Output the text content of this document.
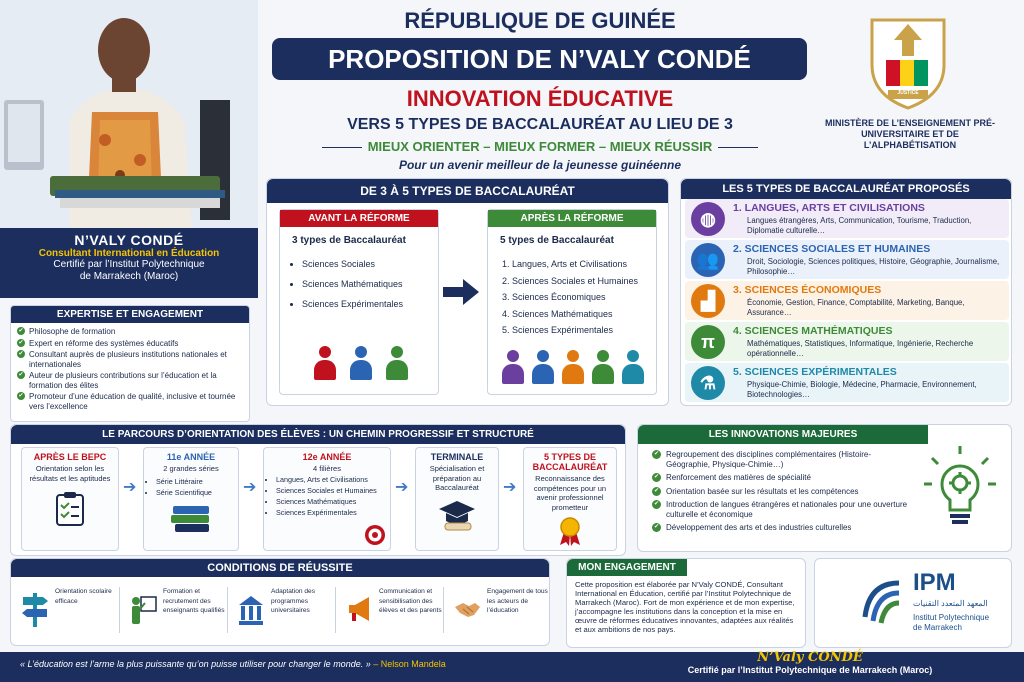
N’VALY CONDÉ
Consultant International en Éducation
Certifié par l’Institut Polytechnique
de Marrakech (Maroc)
RÉPUBLIQUE DE GUINÉE
PROPOSITION DE N’VALY CONDÉ
INNOVATION ÉDUCATIVE
VERS 5 TYPES DE BACCALAURÉAT AU LIEU DE 3
MIEUX ORIENTER – MIEUX FORMER – MIEUX RÉUSSIR
Pour un avenir meilleur de la jeunesse guinéenne
JUSTICE
MINISTÈRE DE L’ENSEIGNEMENT PRÉ-UNIVERSITAIRE ET DE L’ALPHABÉTISATION
EXPERTISE ET ENGAGEMENT
✔ Philosophe de formation
✔ Expert en réforme des systèmes éducatifs
✔ Consultant auprès de plusieurs institutions nationales et internationales
✔ Auteur de plusieurs contributions sur l’éducation et la formation des élites
✔ Promoteur d’une éducation de qualité, inclusive et tournée vers l’excellence
DE 3 À 5 TYPES DE BACCALAURÉAT
AVANT LA RÉFORME
3 types de Baccalauréat
• Sciences Sociales
• Sciences Mathématiques
• Sciences Expérimentales
APRÈS LA RÉFORME
5 types de Baccalauréat
1. Langues, Arts et Civilisations
2. Sciences Sociales et Humaines
3. Sciences Économiques
4. Sciences Mathématiques
5. Sciences Expérimentales
LES 5 TYPES DE BACCALAURÉAT PROPOSÉS
◍
1. LANGUES, ARTS ET CIVILISATIONS
Langues étrangères, Arts, Communication, Tourisme, Traduction, Diplomatie culturelle…
👥
2. SCIENCES SOCIALES ET HUMAINES
Droit, Sociologie, Sciences politiques, Histoire, Géographie, Journalisme, Philosophie…
▟
3. SCIENCES ÉCONOMIQUES
Économie, Gestion, Finance, Comptabilité, Marketing, Banque, Assurance…
π
4. SCIENCES MATHÉMATIQUES
Mathématiques, Statistiques, Informatique, Ingénierie, Recherche opérationnelle…
⚗
5. SCIENCES EXPÉRIMENTALES
Physique-Chimie, Biologie, Médecine, Pharmacie, Environnement, Biotechnologies…
LE PARCOURS D’ORIENTATION DES ÉLÈVES : UN CHEMIN PROGRESSIF ET STRUCTURÉ
APRÈS LE BEPC
Orientation selon les résultats et les aptitudes
➔
11e ANNÉE
2 grandes séries
• Série Littéraire
• Série Scientifique	➔
12e ANNÉE
4 filières
• Langues, Arts et Civilisations
• Sciences Sociales et Humaines
• Sciences Mathématiques
• Sciences Expérimentales
➔
TERMINALE
Spécialisation et préparation au Baccalauréat	➔
5 TYPES DE BACCALAURÉAT
Reconnaissance des compétences pour un avenir professionnel prometteur
LES INNOVATIONS MAJEURES
✔ Regroupement des disciplines complémentaires (Histoire-Géographie, Physique-Chimie…)
✔ Renforcement des matières de spécialité
✔ Orientation basée sur les résultats et les compétences
✔ Introduction de langues étrangères et nationales pour une ouverture culturelle et économique
✔ Développement des arts et des industries culturelles
CONDITIONS DE RÉUSSITE
Orientation scolaire efficace
Formation et recrutement des enseignants qualifiés
Adaptation des programmes universitaires
Communication et sensibilisation des élèves et des parents
Engagement de tous les acteurs de l’éducation
MON ENGAGEMENT

Cette proposition est élaborée par N’Valy CONDÉ, Consultant International en Éducation, certifié par l’Institut Polytechnique de Marrakech (Maroc). Fort de mon expérience et de mon expertise, j’accompagne les institutions dans la conception et la mise en œuvre de réformes éducatives innovantes, adaptées aux réalités et aux ambitions de nos pays.

IPM
المعهد المتعدد التقنيات
Institut Polytechnique
de Marrakech
« L’éducation est l’arme la plus puissante qu’on puisse utiliser pour changer le monde. » – Nelson Mandela	N’Valy CONDÉ
Certifié par l’Institut Polytechnique de Marrakech (Maroc)
